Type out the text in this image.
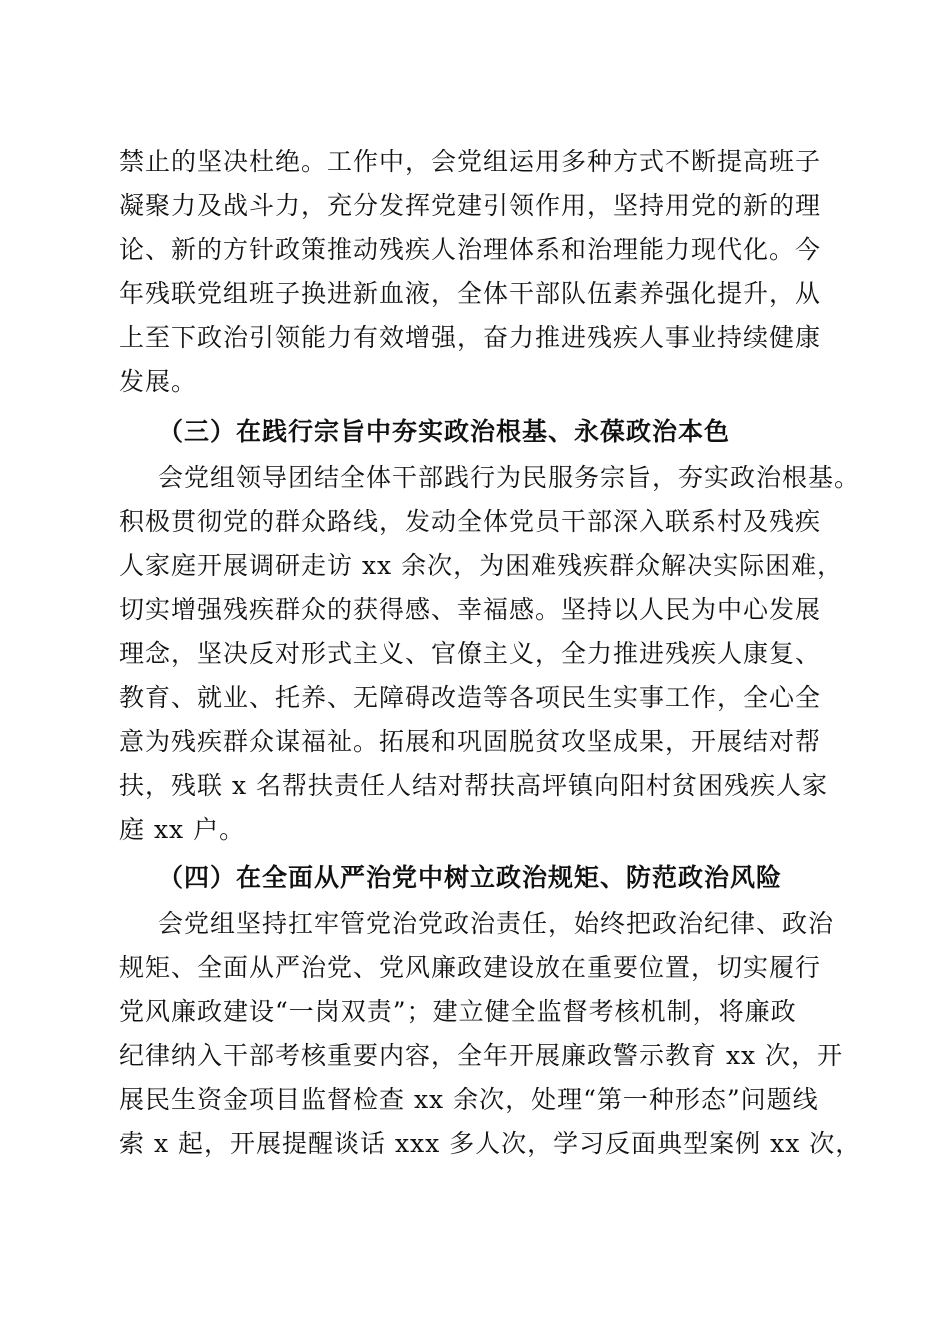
禁止的坚决杜绝。工作中，会党组运用多种方式不断提高班子
凝聚力及战斗力，充分发挥党建引领作用，坚持用党的新的理
论、新的方针政策推动残疾人治理体系和治理能力现代化。今
年残联党组班子换进新血液，全体干部队伍素养强化提升，从
上至下政治引领能力有效增强，奋力推进残疾人事业持续健康
发展。
（三）在践行宗旨中夯实政治根基、永葆政治本色
会党组领导团结全体干部践行为民服务宗旨，夯实政治根基。
积极贯彻党的群众路线，发动全体党员干部深入联系村及残疾
人家庭开展调研走访 xx 余次，为困难残疾群众解决实际困难，
切实增强残疾群众的获得感、幸福感。坚持以人民为中心发展
理念，坚决反对形式主义、官僚主义，全力推进残疾人康复、
教育、就业、托养、无障碍改造等各项民生实事工作，全心全
意为残疾群众谋福祉。拓展和巩固脱贫攻坚成果，开展结对帮
扶，残联 x 名帮扶责任人结对帮扶高坪镇向阳村贫困残疾人家
庭 xx 户。
（四）在全面从严治党中树立政治规矩、防范政治风险
会党组坚持扛牢管党治党政治责任，始终把政治纪律、政治
规矩、全面从严治党、党风廉政建设放在重要位置，切实履行
党风廉政建设“一岗双责”；建立健全监督考核机制，将廉政
纪律纳入干部考核重要内容，全年开展廉政警示教育 xx 次，开
展民生资金项目监督检查 xx 余次，处理“第一种形态”问题线
索 x 起，开展提醒谈话 xxx 多人次，学习反面典型案例 xx 次，
